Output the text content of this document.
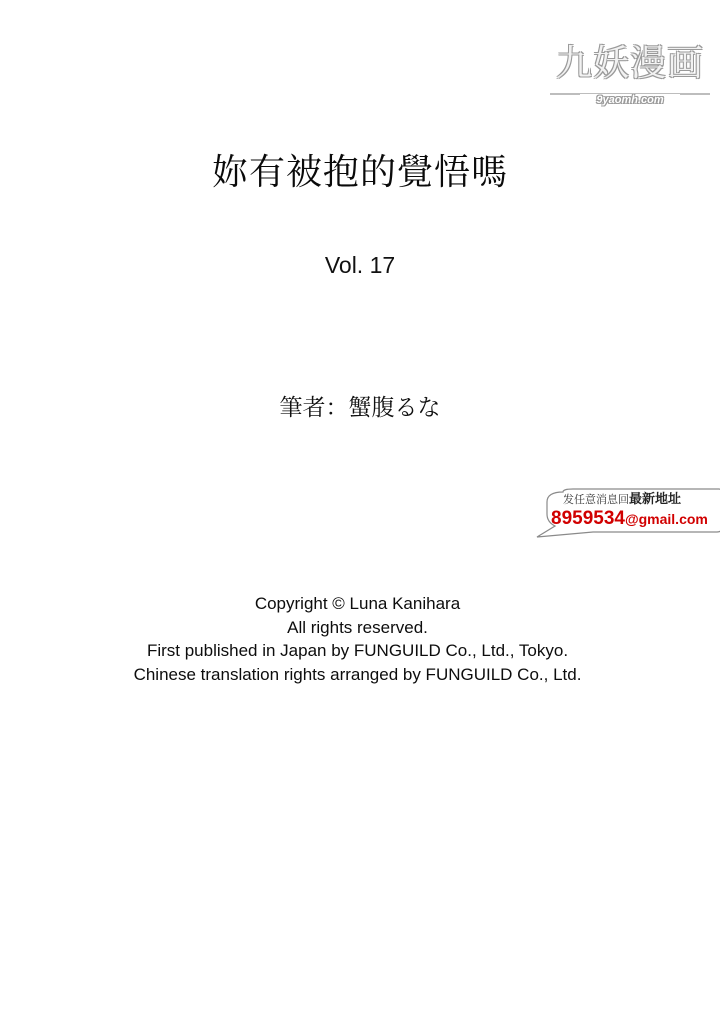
九妖漫画
9yaomh.com
妳有被抱的覺悟嗎
Vol. 17
筆者：蟹腹るな
发任意消息回最新地址
8959534@gmail.com
Copyright © Luna Kanihara
All rights reserved.
First published in Japan by FUNGUILD Co., Ltd., Tokyo.
Chinese translation rights arranged by FUNGUILD Co., Ltd.
